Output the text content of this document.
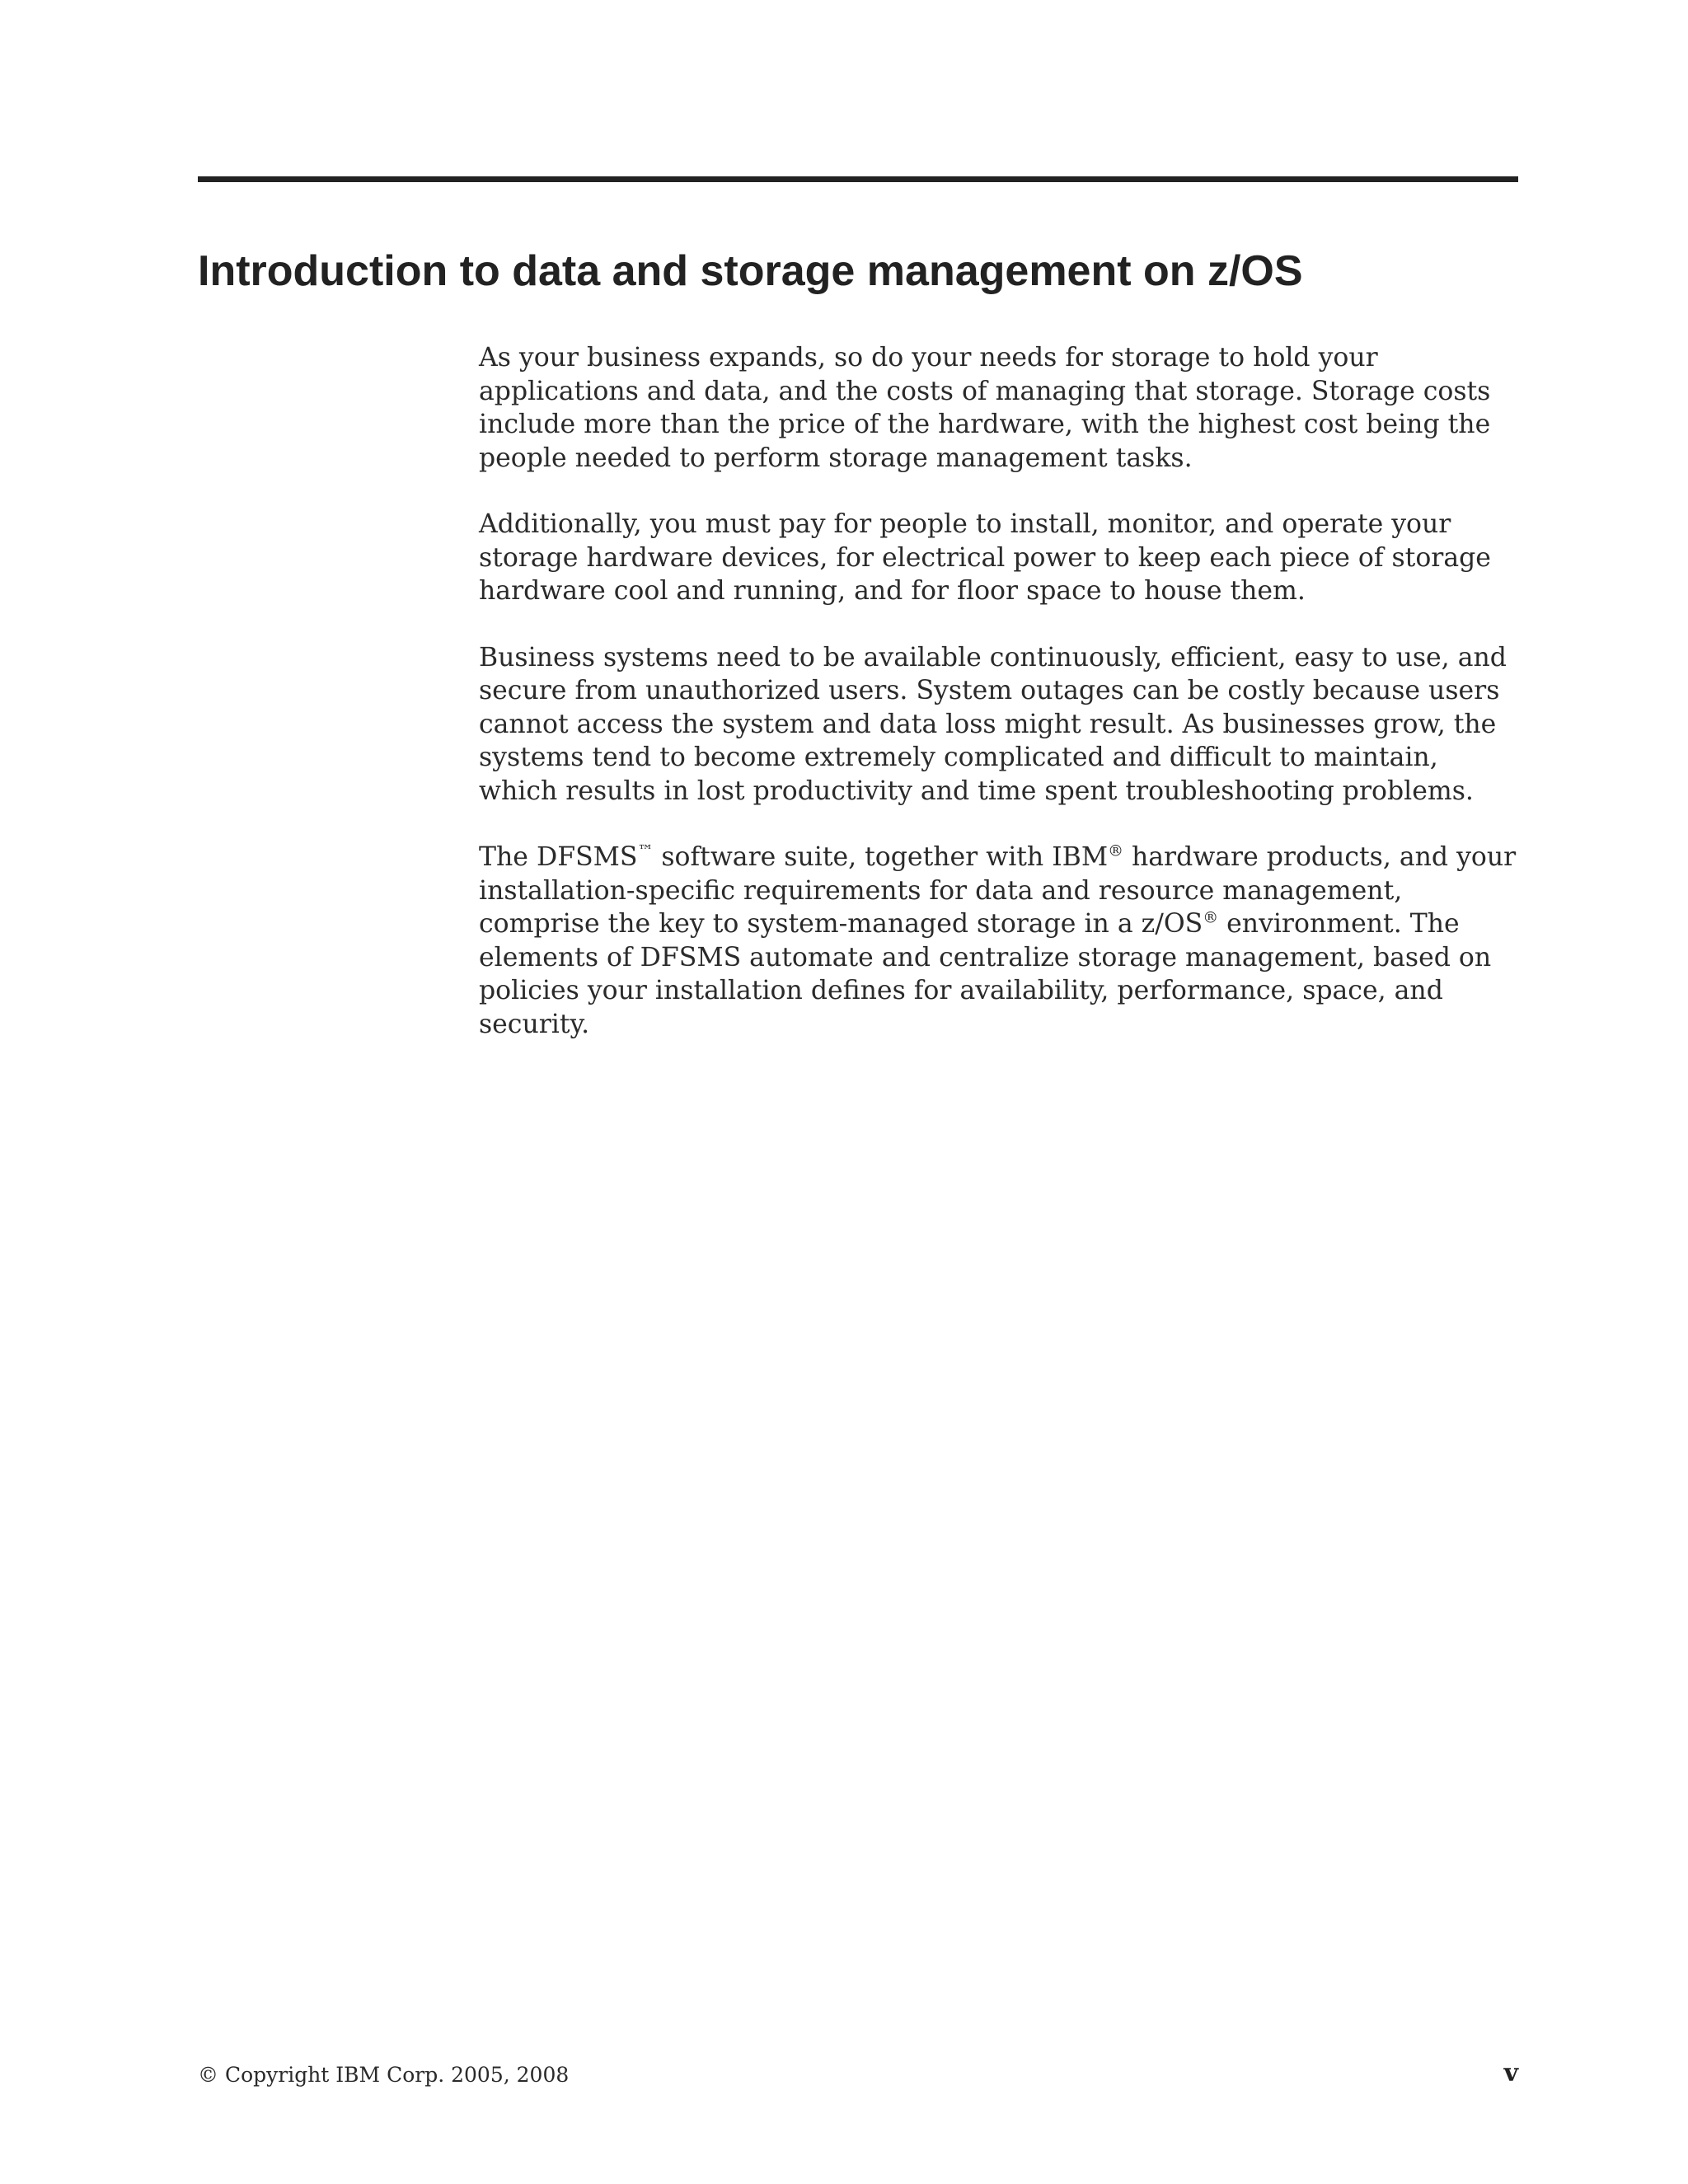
Introduction to data and storage management on z/OS

As your business expands, so do your needs for storage to hold your applications and data, and the costs of managing that storage. Storage costs include more than the price of the hardware, with the highest cost being the people needed to perform storage management tasks.

Additionally, you must pay for people to install, monitor, and operate your storage hardware devices, for electrical power to keep each piece of storage hardware cool and running, and for floor space to house them.

Business systems need to be available continuously, efficient, easy to use, and secure from unauthorized users. System outages can be costly because users cannot access the system and data loss might result. As businesses grow, the systems tend to become extremely complicated and difficult to maintain, which results in lost productivity and time spent troubleshooting problems.

The DFSMS™ software suite, together with IBM® hardware products, and your installation-specific requirements for data and resource management, comprise the key to system-managed storage in a z/OS® environment. The elements of DFSMS automate and centralize storage management, based on policies your installation defines for availability, performance, space, and security.

© Copyright IBM Corp. 2005, 2008	v
